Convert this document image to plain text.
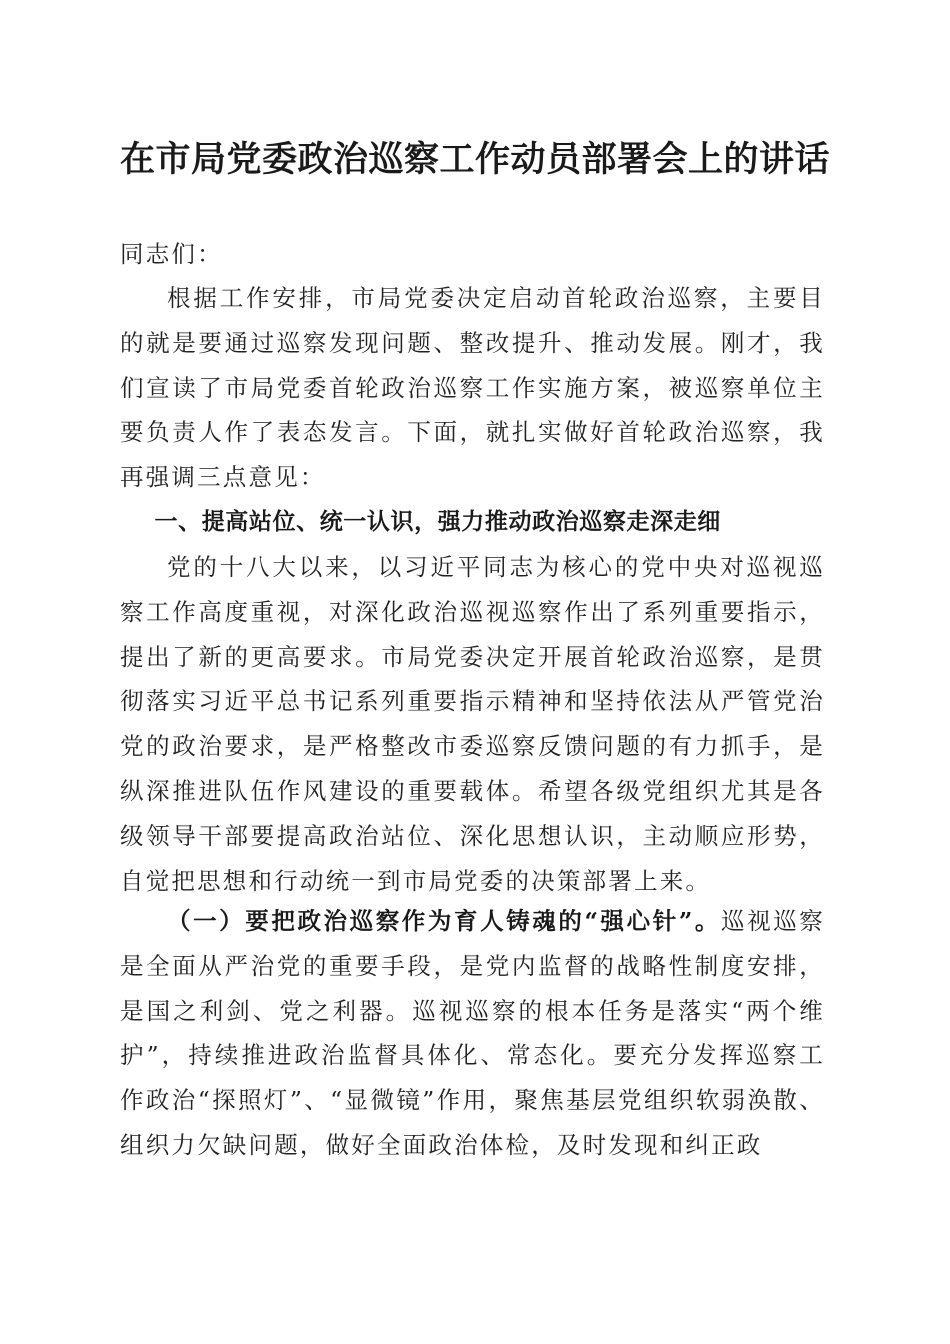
在市局党委政治巡察工作动员部署会上的讲话
同志们：
根据工作安排，市局党委决定启动首轮政治巡察，主要目的就是要通过巡察发现问题、整改提升、推动发展。刚才，我们宣读了市局党委首轮政治巡察工作实施方案，被巡察单位主要负责人作了表态发言。下面，就扎实做好首轮政治巡察，我再强调三点意见：
一、提高站位、统一认识，强力推动政治巡察走深走细
党的十八大以来，以习近平同志为核心的党中央对巡视巡察工作高度重视，对深化政治巡视巡察作出了系列重要指示，提出了新的更高要求。市局党委决定开展首轮政治巡察，是贯彻落实习近平总书记系列重要指示精神和坚持依法从严管党治党的政治要求，是严格整改市委巡察反馈问题的有力抓手，是纵深推进队伍作风建设的重要载体。希望各级党组织尤其是各级领导干部要提高政治站位、深化思想认识，主动顺应形势，自觉把思想和行动统一到市局党委的决策部署上来。
（一）要把政治巡察作为育人铸魂的“强心针”。巡视巡察是全面从严治党的重要手段，是党内监督的战略性制度安排，是国之利剑、党之利器。巡视巡察的根本任务是落实“两个维护”，持续推进政治监督具体化、常态化。要充分发挥巡察工作政治“探照灯”、“显微镜”作用，聚焦基层党组织软弱涣散、组织力欠缺问题，做好全面政治体检，及时发现和纠正政
